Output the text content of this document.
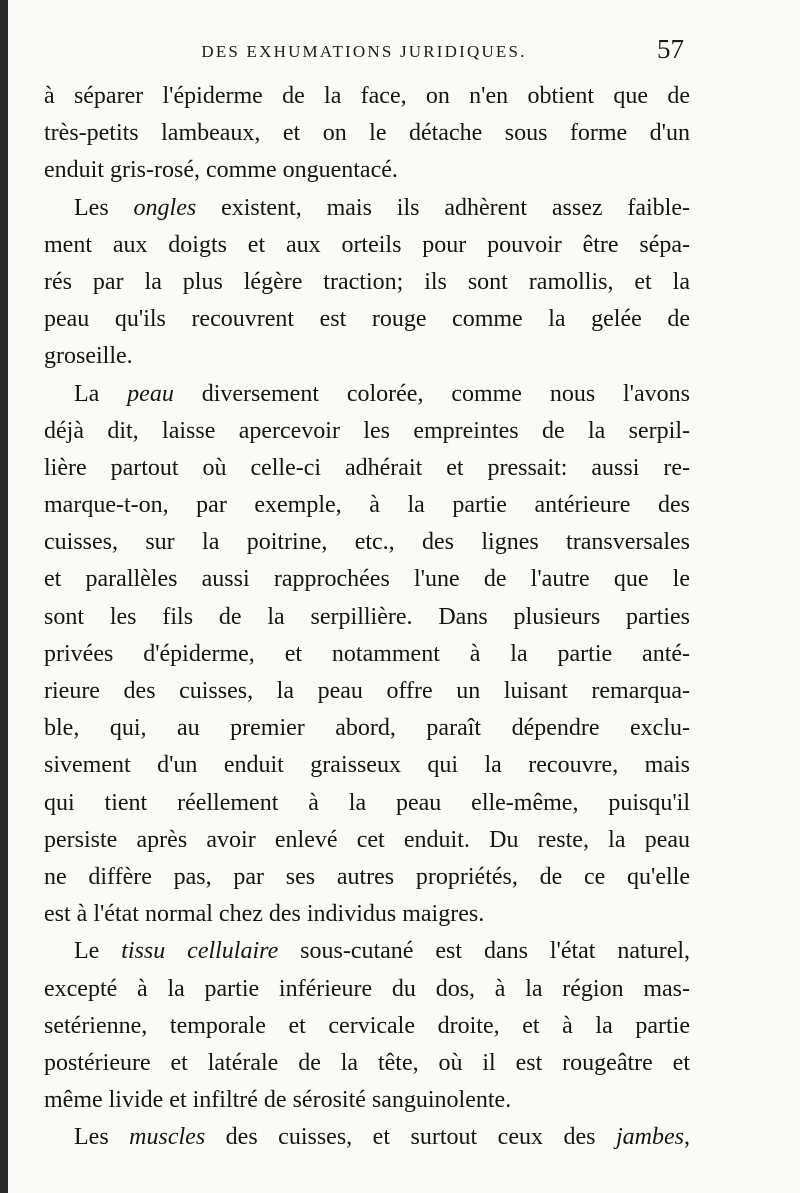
DES EXHUMATIONS JURIDIQUES.	57
à séparer l'épiderme de la face, on n'en obtient que de
très-petits lambeaux, et on le détache sous forme d'un
enduit gris-rosé, comme onguentacé.
Les ongles existent, mais ils adhèrent assez faible-
ment aux doigts et aux orteils pour pouvoir être sépa-
rés par la plus légère traction; ils sont ramollis, et la
peau qu'ils recouvrent est rouge comme la gelée de
groseille.
La peau diversement colorée, comme nous l'avons
déjà dit, laisse apercevoir les empreintes de la serpil-
lière partout où celle-ci adhérait et pressait: aussi re-
marque-t-on, par exemple, à la partie antérieure des
cuisses, sur la poitrine, etc., des lignes transversales
et parallèles aussi rapprochées l'une de l'autre que le
sont les fils de la serpillière. Dans plusieurs parties
privées d'épiderme, et notamment à la partie anté-
rieure des cuisses, la peau offre un luisant remarqua-
ble, qui, au premier abord, paraît dépendre exclu-
sivement d'un enduit graisseux qui la recouvre, mais
qui tient réellement à la peau elle-même, puisqu'il
persiste après avoir enlevé cet enduit. Du reste, la peau
ne diffère pas, par ses autres propriétés, de ce qu'elle
est à l'état normal chez des individus maigres.
Le tissu cellulaire sous-cutané est dans l'état naturel,
excepté à la partie inférieure du dos, à la région mas-
setérienne, temporale et cervicale droite, et à la partie
postérieure et latérale de la tête, où il est rougeâtre et
même livide et infiltré de sérosité sanguinolente.
Les muscles des cuisses, et surtout ceux des jambes,
